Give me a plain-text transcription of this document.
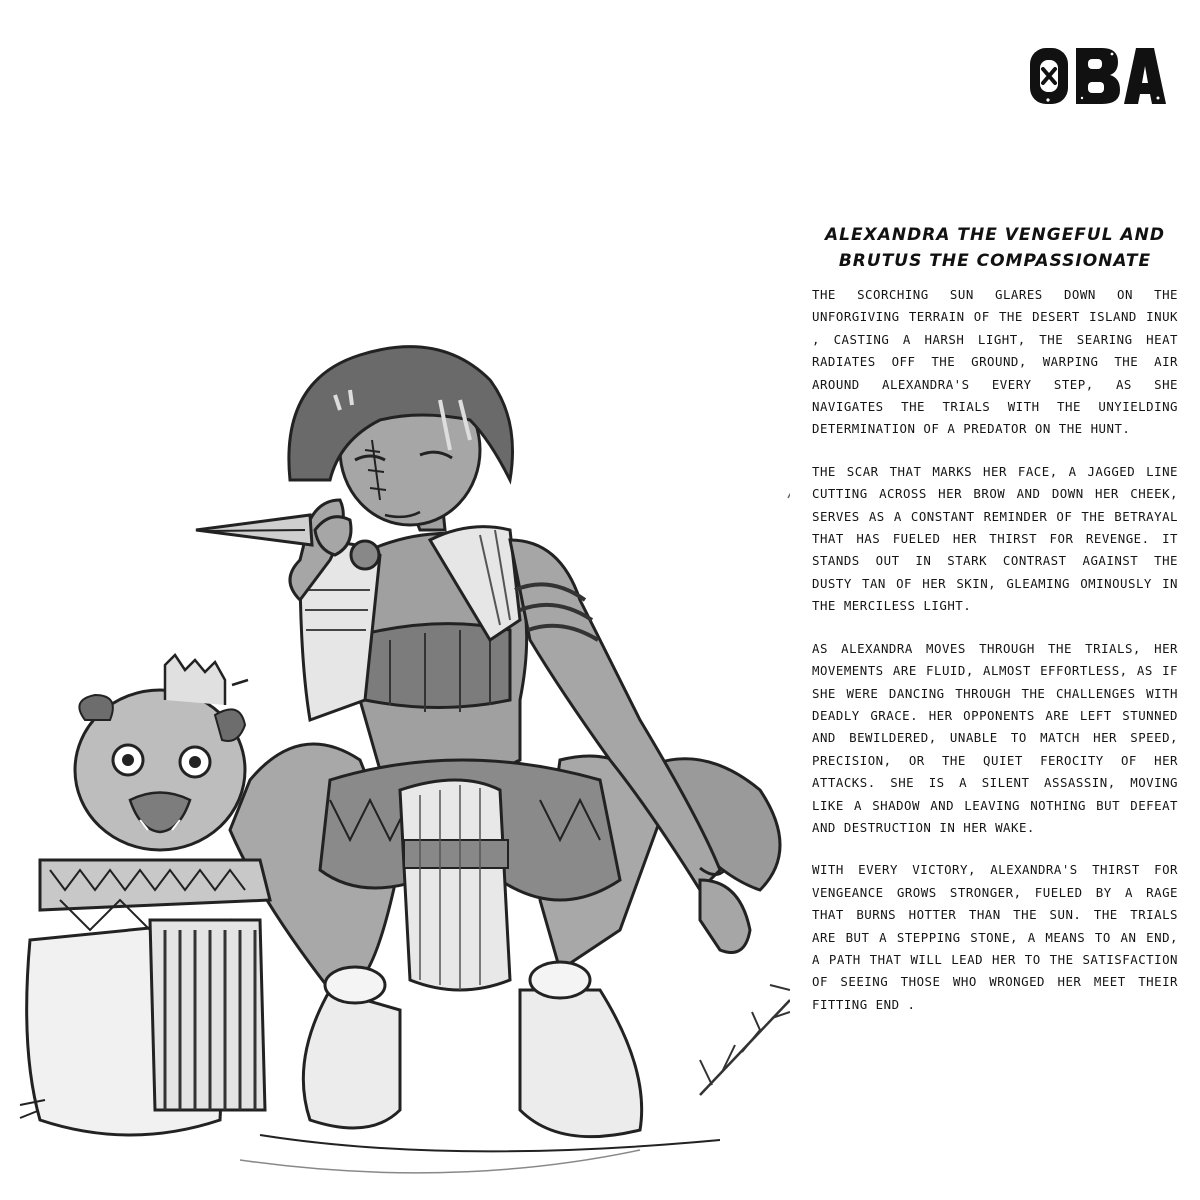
ALEXANDRA THE VENGEFUL AND
BRUTUS THE COMPASSIONATE

THE SCORCHING SUN GLARES DOWN ON THE UNFORGIVING TERRAIN OF THE DESERT ISLAND INUK , CASTING A HARSH LIGHT, THE SEARING HEAT RADIATES OFF THE GROUND, WARPING THE AIR AROUND ALEXANDRA'S EVERY STEP, AS SHE NAVIGATES THE TRIALS WITH THE UNYIELDING DETERMINATION OF A PREDATOR ON THE HUNT.

THE SCAR THAT MARKS HER FACE, A JAGGED LINE CUTTING ACROSS HER BROW AND DOWN HER CHEEK, SERVES AS A CONSTANT REMINDER OF THE BETRAYAL THAT HAS FUELED HER THIRST FOR REVENGE. IT STANDS OUT IN STARK CONTRAST AGAINST THE DUSTY TAN OF HER SKIN, GLEAMING OMINOUSLY IN THE MERCILESS LIGHT.

AS ALEXANDRA MOVES THROUGH THE TRIALS, HER MOVEMENTS ARE FLUID, ALMOST EFFORTLESS, AS IF SHE WERE DANCING THROUGH THE CHALLENGES WITH DEADLY GRACE. HER OPPONENTS ARE LEFT STUNNED AND BEWILDERED, UNABLE TO MATCH HER SPEED, PRECISION, OR THE QUIET FEROCITY OF HER ATTACKS. SHE IS A SILENT ASSASSIN, MOVING LIKE A SHADOW AND LEAVING NOTHING BUT DEFEAT AND DESTRUCTION IN HER WAKE.

WITH EVERY VICTORY, ALEXANDRA'S THIRST FOR VENGEANCE GROWS STRONGER, FUELED BY A RAGE THAT BURNS HOTTER THAN THE SUN. THE TRIALS ARE BUT A STEPPING STONE, A MEANS TO AN END, A PATH THAT WILL LEAD HER TO THE SATISFACTION OF SEEING THOSE WHO WRONGED HER MEET THEIR FITTING END .
